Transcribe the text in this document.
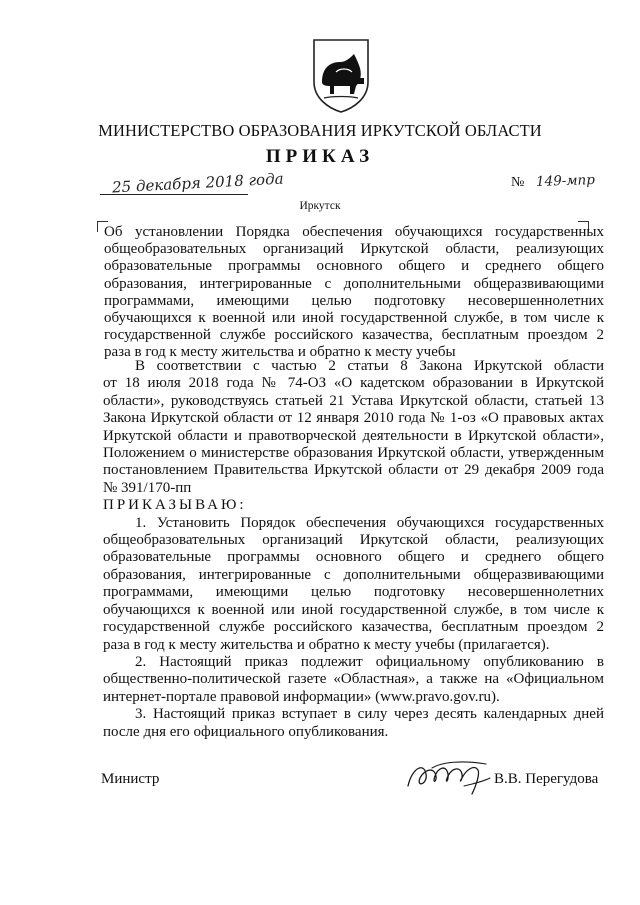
МИНИСТЕРСТВО ОБРАЗОВАНИЯ ИРКУТСКОЙ ОБЛАСТИ
ПРИКАЗ
25 декабря 2018 года	№ 149-мпр
Иркутск
Об установлении Порядка обеспечения обучающихся государственных
общеобразовательных организаций Иркутской области, реализующих
образовательные программы основного общего и среднего общего
образования, интегрированные с дополнительными общеразвивающими
программами, имеющими целью подготовку несовершеннолетних
обучающихся к военной или иной государственной службе, в том числе к
государственной службе российского казачества, бесплатным проездом 2
раза в год к месту жительства и обратно к месту учебы
В соответствии с частью 2 статьи 8 Закона Иркутской области
от 18 июля 2018 года № 74-ОЗ «О кадетском образовании в Иркутской
области», руководствуясь статьей 21 Устава Иркутской области, статьей 13
Закона Иркутской области от 12 января 2010 года № 1-оз «О правовых актах
Иркутской области и правотворческой деятельности в Иркутской области»,
Положением о министерстве образования Иркутской области, утвержденным
постановлением Правительства Иркутской области от 29 декабря 2009 года
№ 391/170-пп
ПРИКАЗЫВАЮ:
1. Установить Порядок обеспечения обучающихся государственных
общеобразовательных организаций Иркутской области, реализующих
образовательные программы основного общего и среднего общего
образования, интегрированные с дополнительными общеразвивающими
программами, имеющими целью подготовку несовершеннолетних
обучающихся к военной или иной государственной службе, в том числе к
государственной службе российского казачества, бесплатным проездом 2
раза в год к месту жительства и обратно к месту учебы (прилагается).
2. Настоящий приказ подлежит официальному опубликованию в
общественно-политической газете «Областная», а также на «Официальном
интернет-портале правовой информации» (www.pravo.gov.ru).
3. Настоящий приказ вступает в силу через десять календарных дней
после дня его официального опубликования.
Министр	В.В. Перегудова
